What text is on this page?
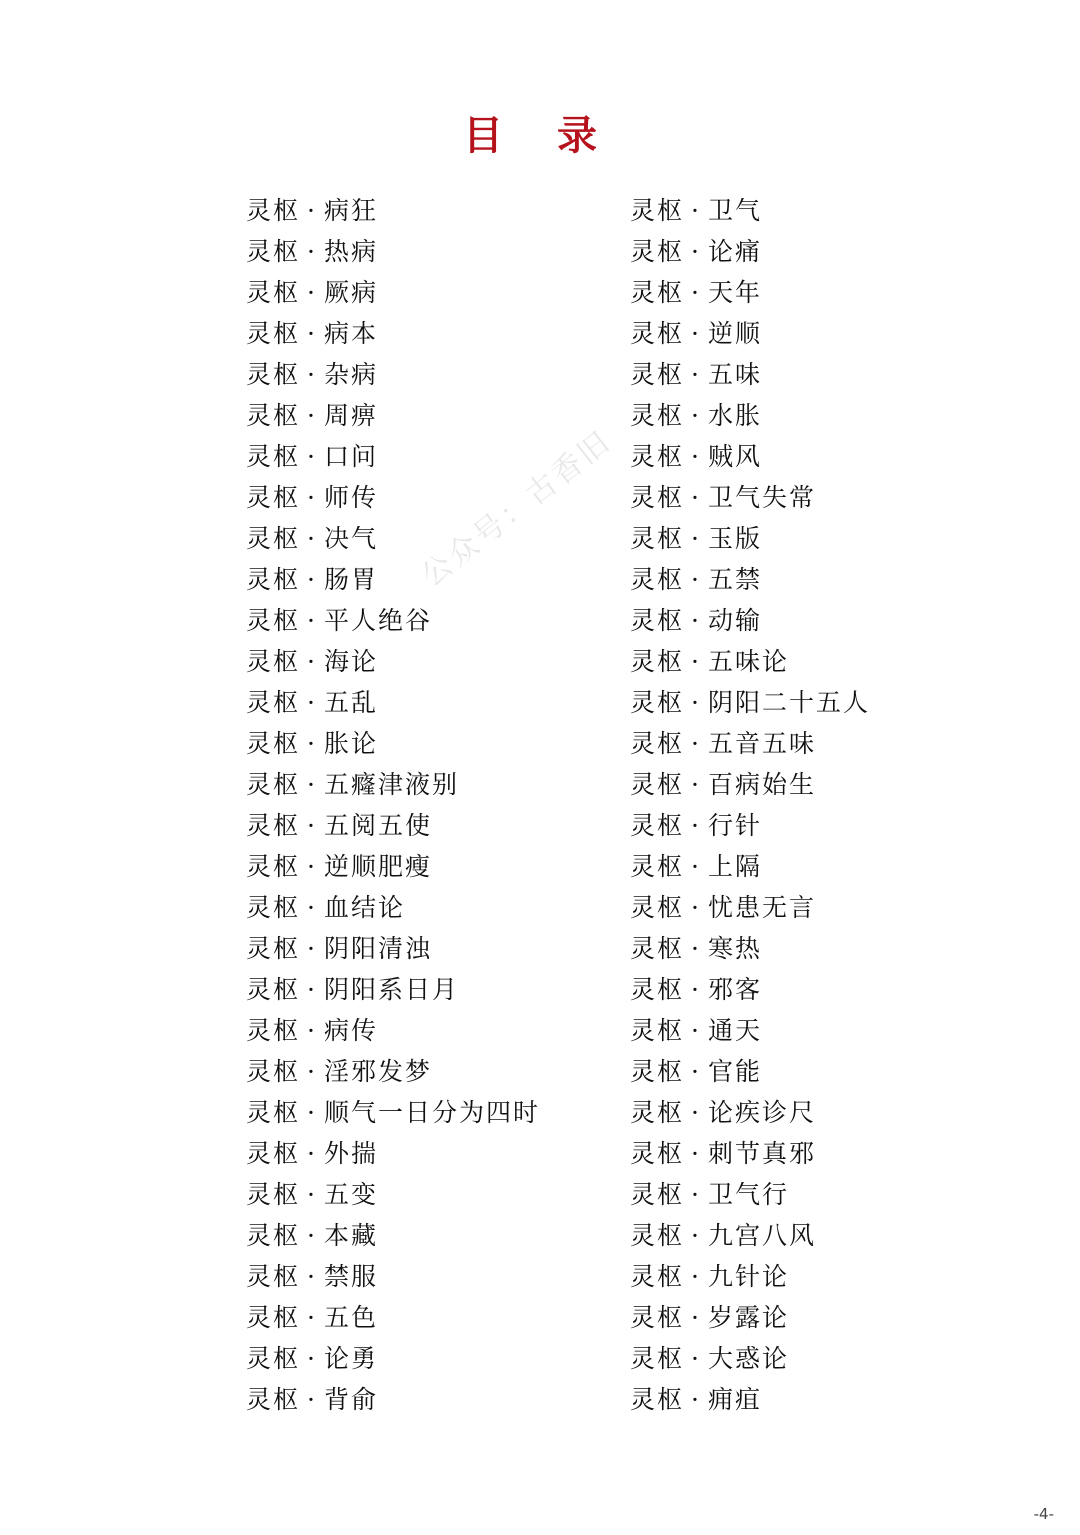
目 录
公众号：古香旧
灵枢 · 病狂
灵枢 · 热病
灵枢 · 厥病
灵枢 · 病本
灵枢 · 杂病
灵枢 · 周痹
灵枢 · 口问
灵枢 · 师传
灵枢 · 决气
灵枢 · 肠胃
灵枢 · 平人绝谷
灵枢 · 海论
灵枢 · 五乱
灵枢 · 胀论
灵枢 · 五癃津液别
灵枢 · 五阅五使
灵枢 · 逆顺肥瘦
灵枢 · 血结论
灵枢 · 阴阳清浊
灵枢 · 阴阳系日月
灵枢 · 病传
灵枢 · 淫邪发梦
灵枢 · 顺气一日分为四时
灵枢 · 外揣
灵枢 · 五变
灵枢 · 本藏
灵枢 · 禁服
灵枢 · 五色
灵枢 · 论勇
灵枢 · 背俞
灵枢 · 卫气
灵枢 · 论痛
灵枢 · 天年
灵枢 · 逆顺
灵枢 · 五味
灵枢 · 水胀
灵枢 · 贼风
灵枢 · 卫气失常
灵枢 · 玉版
灵枢 · 五禁
灵枢 · 动输
灵枢 · 五味论
灵枢 · 阴阳二十五人
灵枢 · 五音五味
灵枢 · 百病始生
灵枢 · 行针
灵枢 · 上隔
灵枢 · 忧患无言
灵枢 · 寒热
灵枢 · 邪客
灵枢 · 通天
灵枢 · 官能
灵枢 · 论疾诊尺
灵枢 · 刺节真邪
灵枢 · 卫气行
灵枢 · 九宫八风
灵枢 · 九针论
灵枢 · 岁露论
灵枢 · 大惑论
灵枢 · 痈疽
-4-
